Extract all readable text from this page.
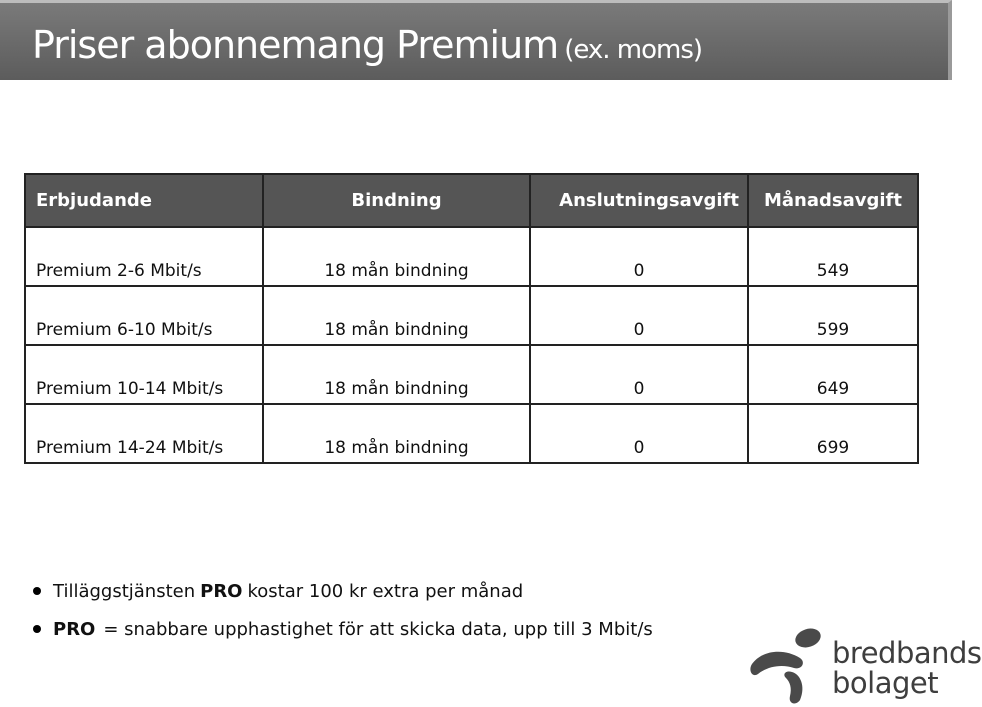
Priser abonnemang Premium (ex. moms)
Erbjudande	Bindning	Anslutningsavgift	Månadsavgift

Premium 2-6 Mbit/s	18 mån bindning	0	549

Premium 6-10 Mbit/s	18 mån bindning	0	599

Premium 10-14 Mbit/s	18 mån bindning	0	649

Premium 14-24 Mbit/s	18 mån bindning	0	699
Tilläggstjänsten PRO kostar 100 kr extra per månad
PRO = snabbare upphastighet för att skicka data, upp till 3 Mbit/s
bredbands
bolaget
